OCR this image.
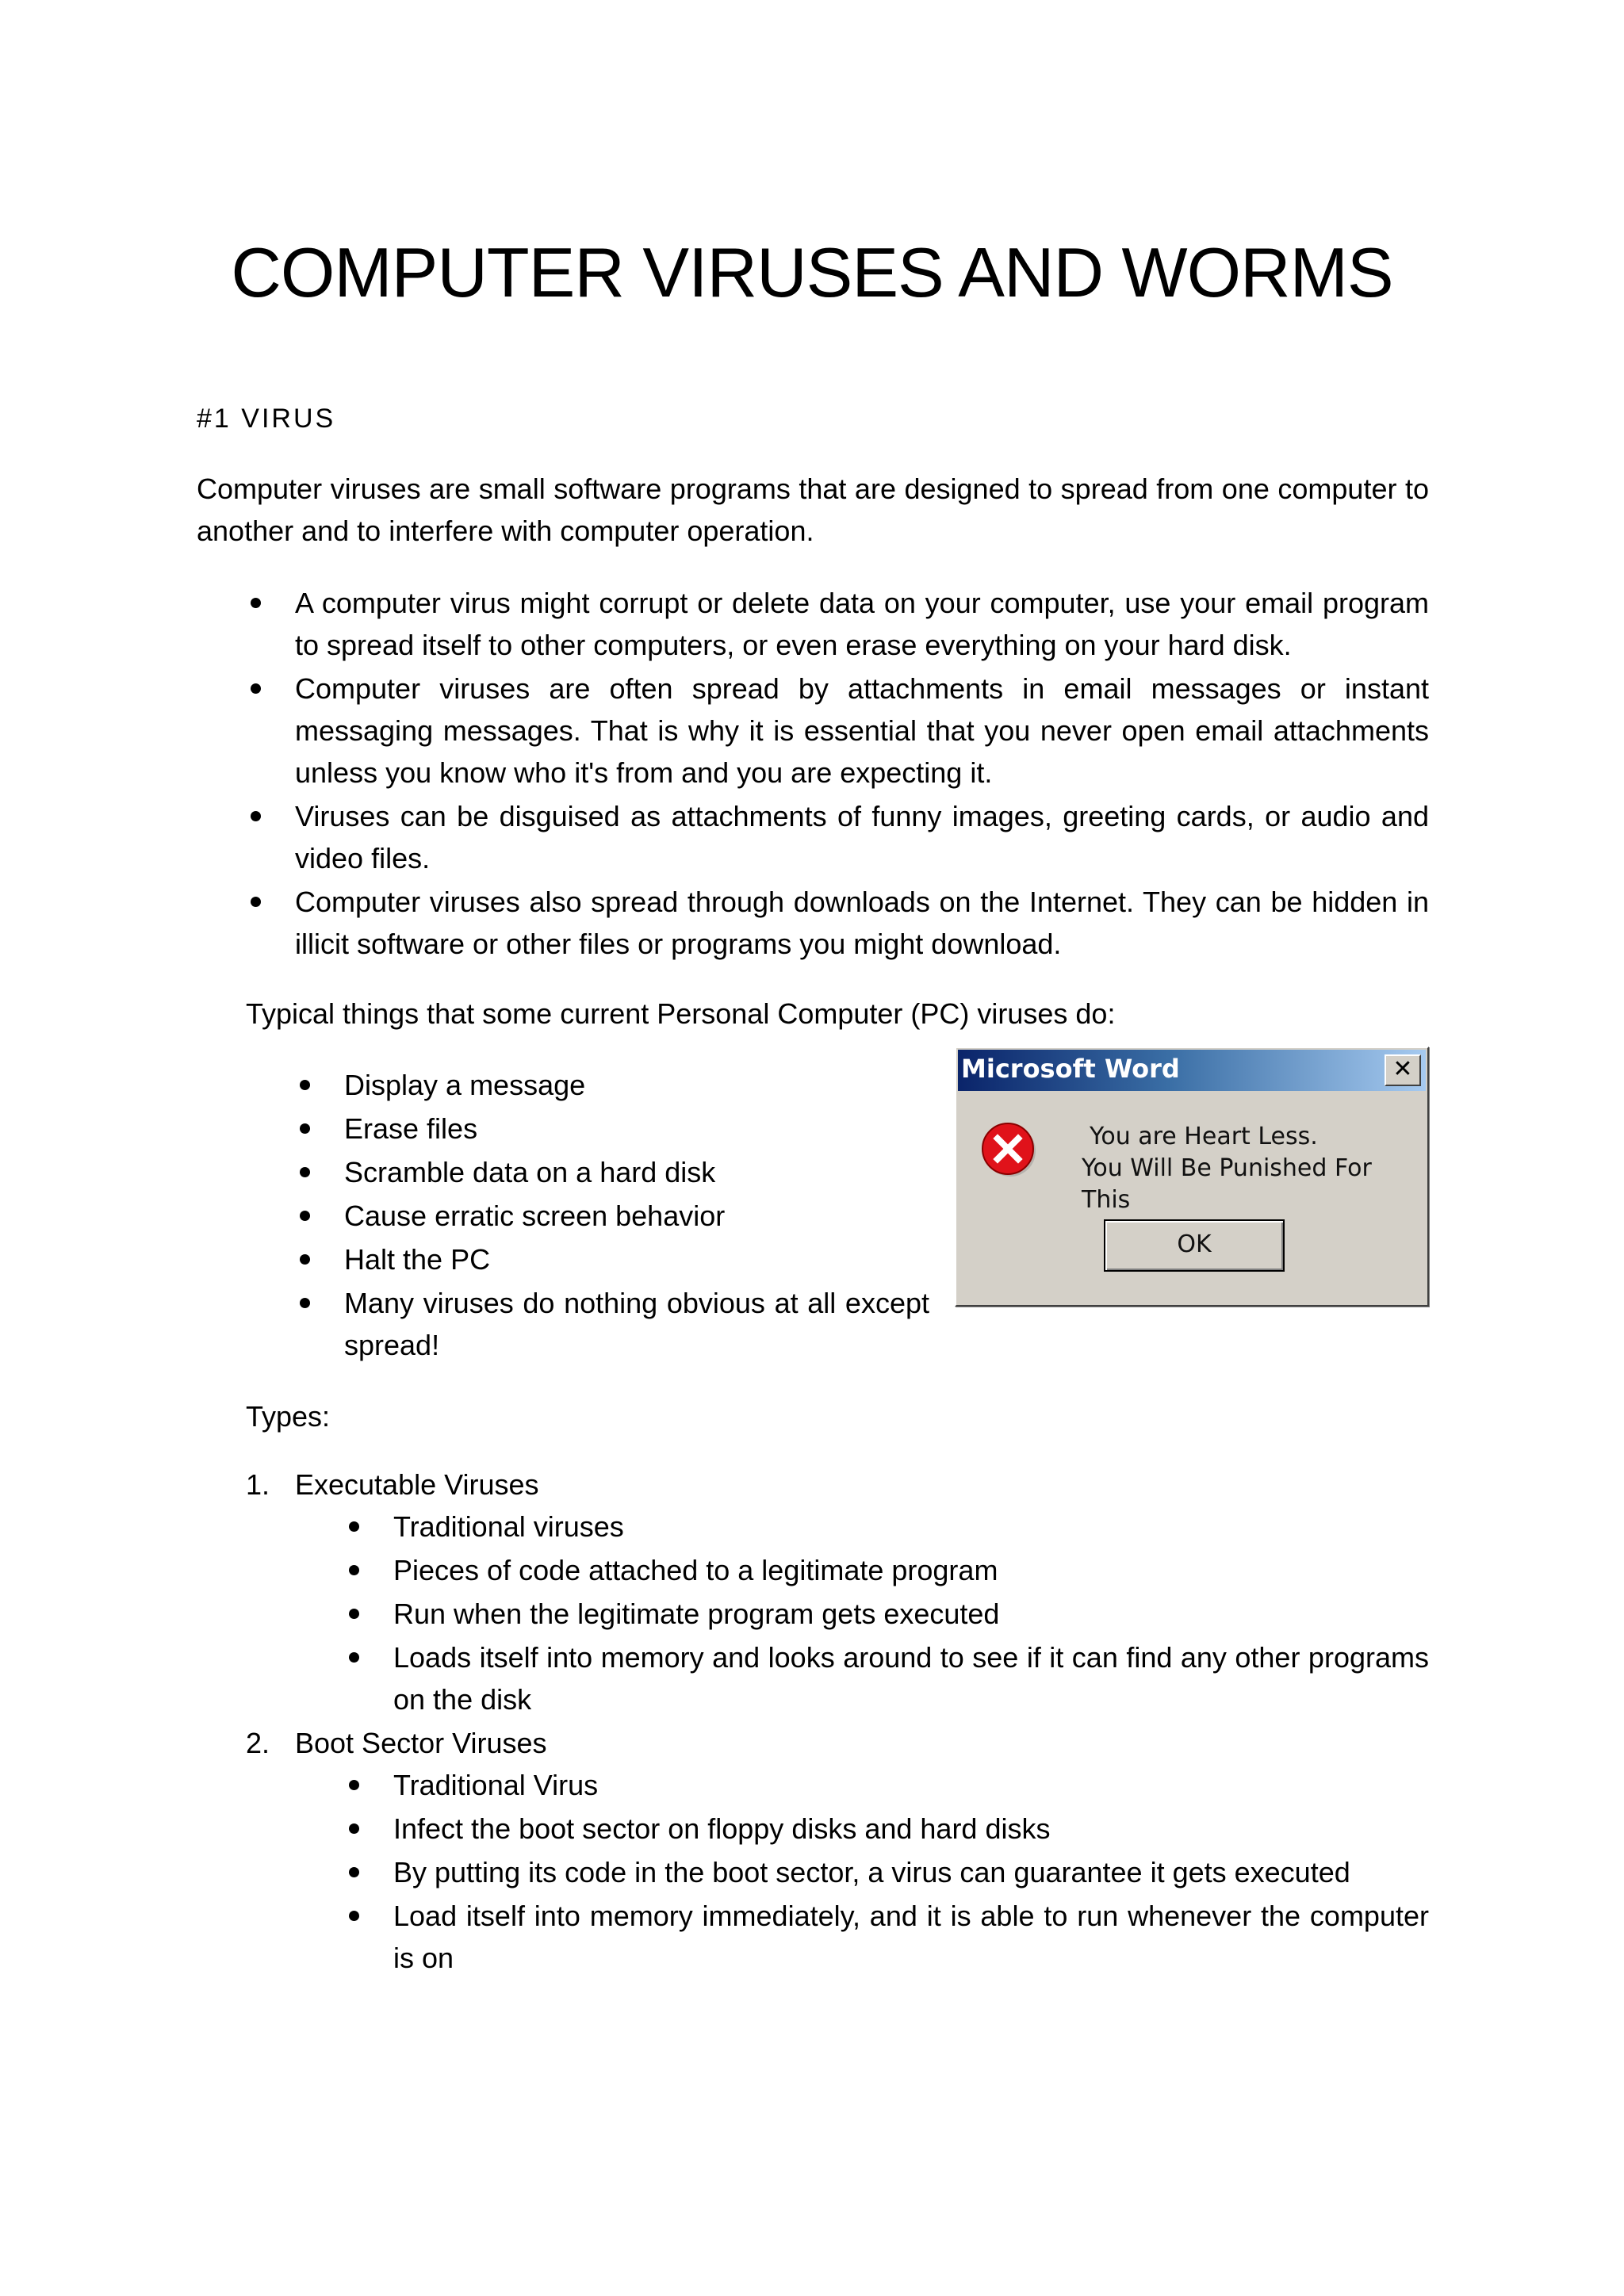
COMPUTER VIRUSES AND WORMS
#1 VIRUS
Computer viruses are small software programs that are designed to spread from one computer to another and to interfere with computer operation.
A computer virus might corrupt or delete data on your computer, use your email program to spread itself to other computers, or even erase everything on your hard disk.
Computer viruses are often spread by attachments in email messages or instant messaging messages. That is why it is essential that you never open email attachments unless you know who it's from and you are expecting it.
Viruses can be disguised as attachments of funny images, greeting cards, or audio and video files.
Computer viruses also spread through downloads on the Internet. They can be hidden in illicit software or other files or programs you might download.
Typical things that some current Personal Computer (PC) viruses do:
Display a message
Erase files
Scramble data on a hard disk
Cause erratic screen behavior
Halt the PC
Many viruses do nothing obvious at all except spread!
Microsoft Word	✕
You are Heart Less.
You Will Be Punished For This
OK
Types:
1. Executable Viruses
Traditional viruses
Pieces of code attached to a legitimate program
Run when the legitimate program gets executed
Loads itself into memory and looks around to see if it can find any other programs on the disk
2. Boot Sector Viruses
Traditional Virus
Infect the boot sector on floppy disks and hard disks
By putting its code in the boot sector, a virus can guarantee it gets executed
Load itself into memory immediately, and it is able to run whenever the computer is on
